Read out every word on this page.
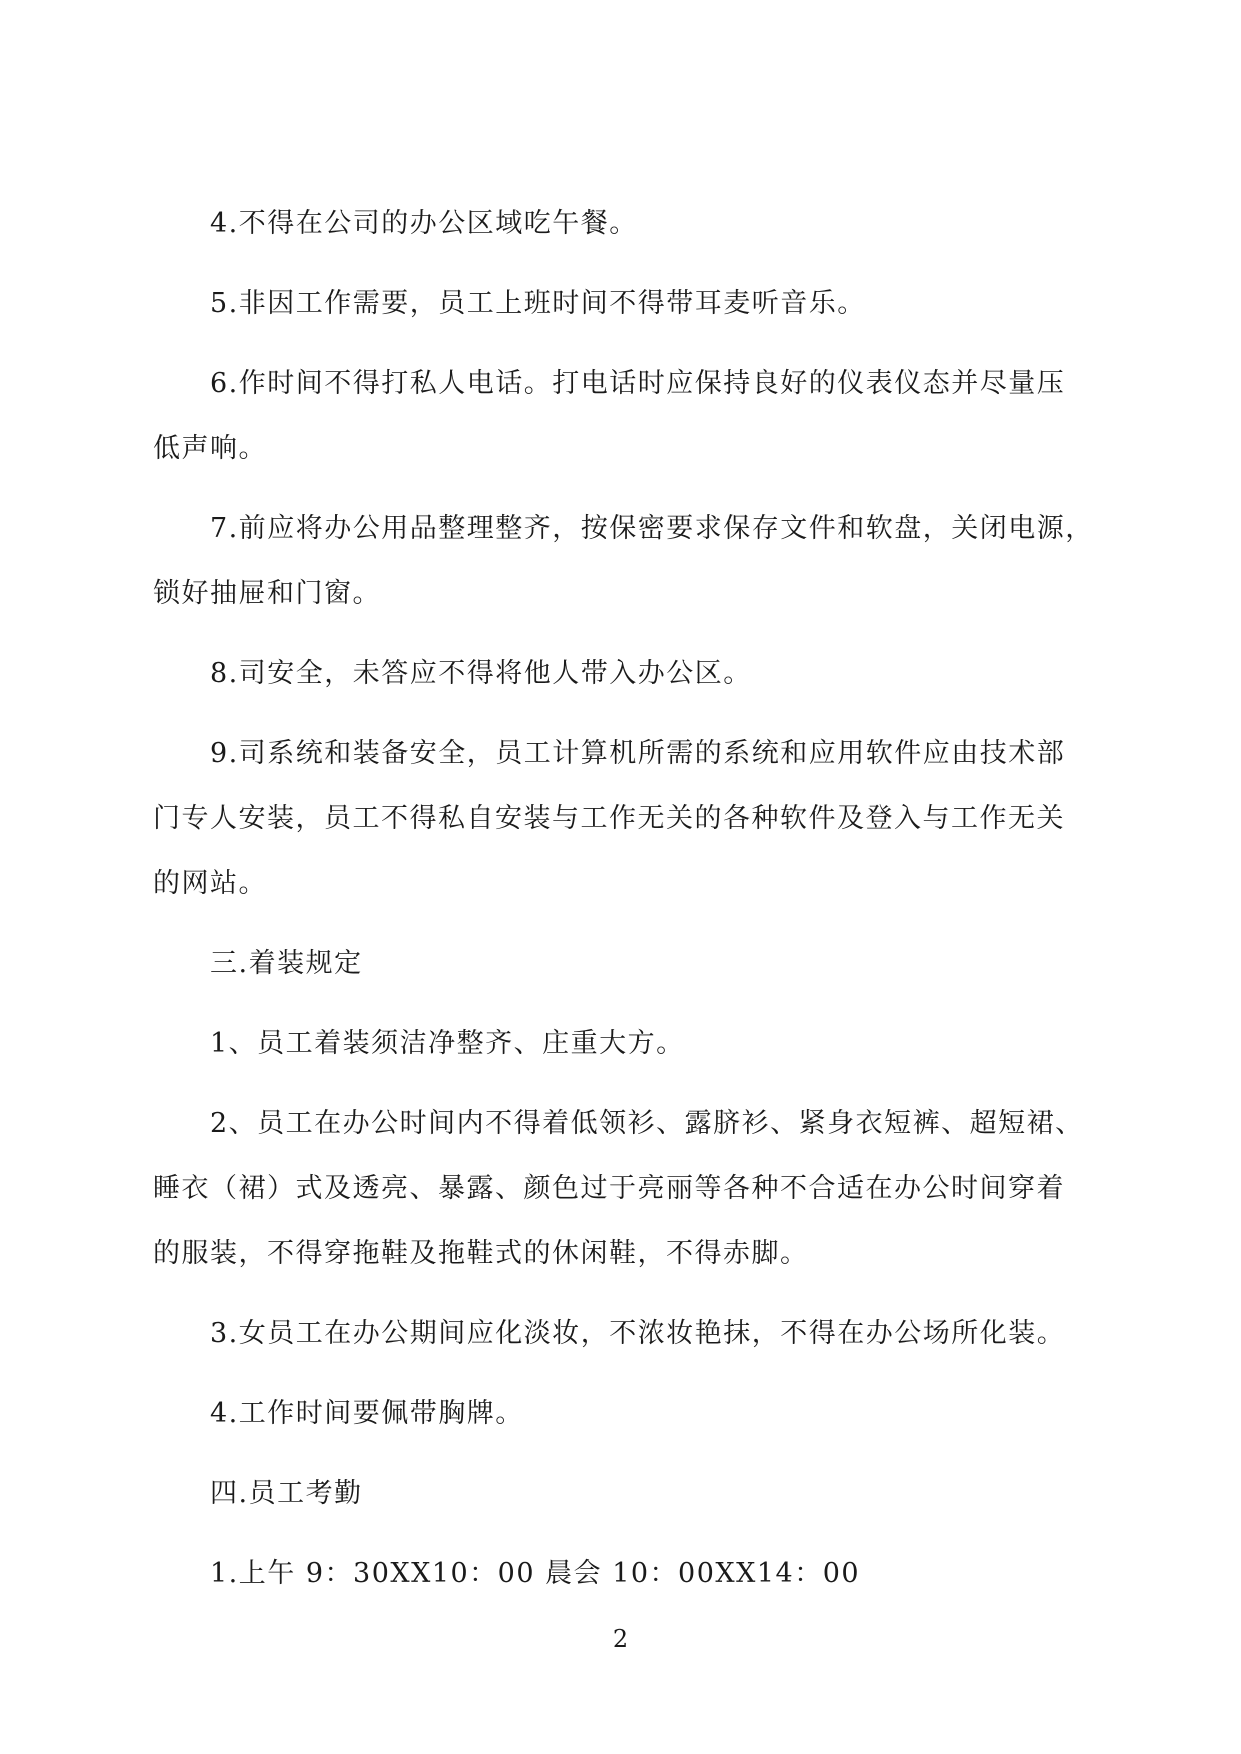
4.不得在公司的办公区域吃午餐。

5.非因工作需要，员工上班时间不得带耳麦听音乐。

6.作时间不得打私人电话。打电话时应保持良好的仪表仪态并尽量压

低声响。

7.前应将办公用品整理整齐，按保密要求保存文件和软盘，关闭电源，

锁好抽屉和门窗。

8.司安全，未答应不得将他人带入办公区。

9.司系统和装备安全，员工计算机所需的系统和应用软件应由技术部

门专人安装，员工不得私自安装与工作无关的各种软件及登入与工作无关

的网站。

三.着装规定

1、员工着装须洁净整齐、庄重大方。

2、员工在办公时间内不得着低领衫、露脐衫、紧身衣短裤、超短裙、

睡衣（裙）式及透亮、暴露、颜色过于亮丽等各种不合适在办公时间穿着

的服装，不得穿拖鞋及拖鞋式的休闲鞋，不得赤脚。

3.女员工在办公期间应化淡妆，不浓妆艳抹，不得在办公场所化装。

4.工作时间要佩带胸牌。

四.员工考勤

1.上午 9：30XX10：00 晨会 10：00XX14：00

2
